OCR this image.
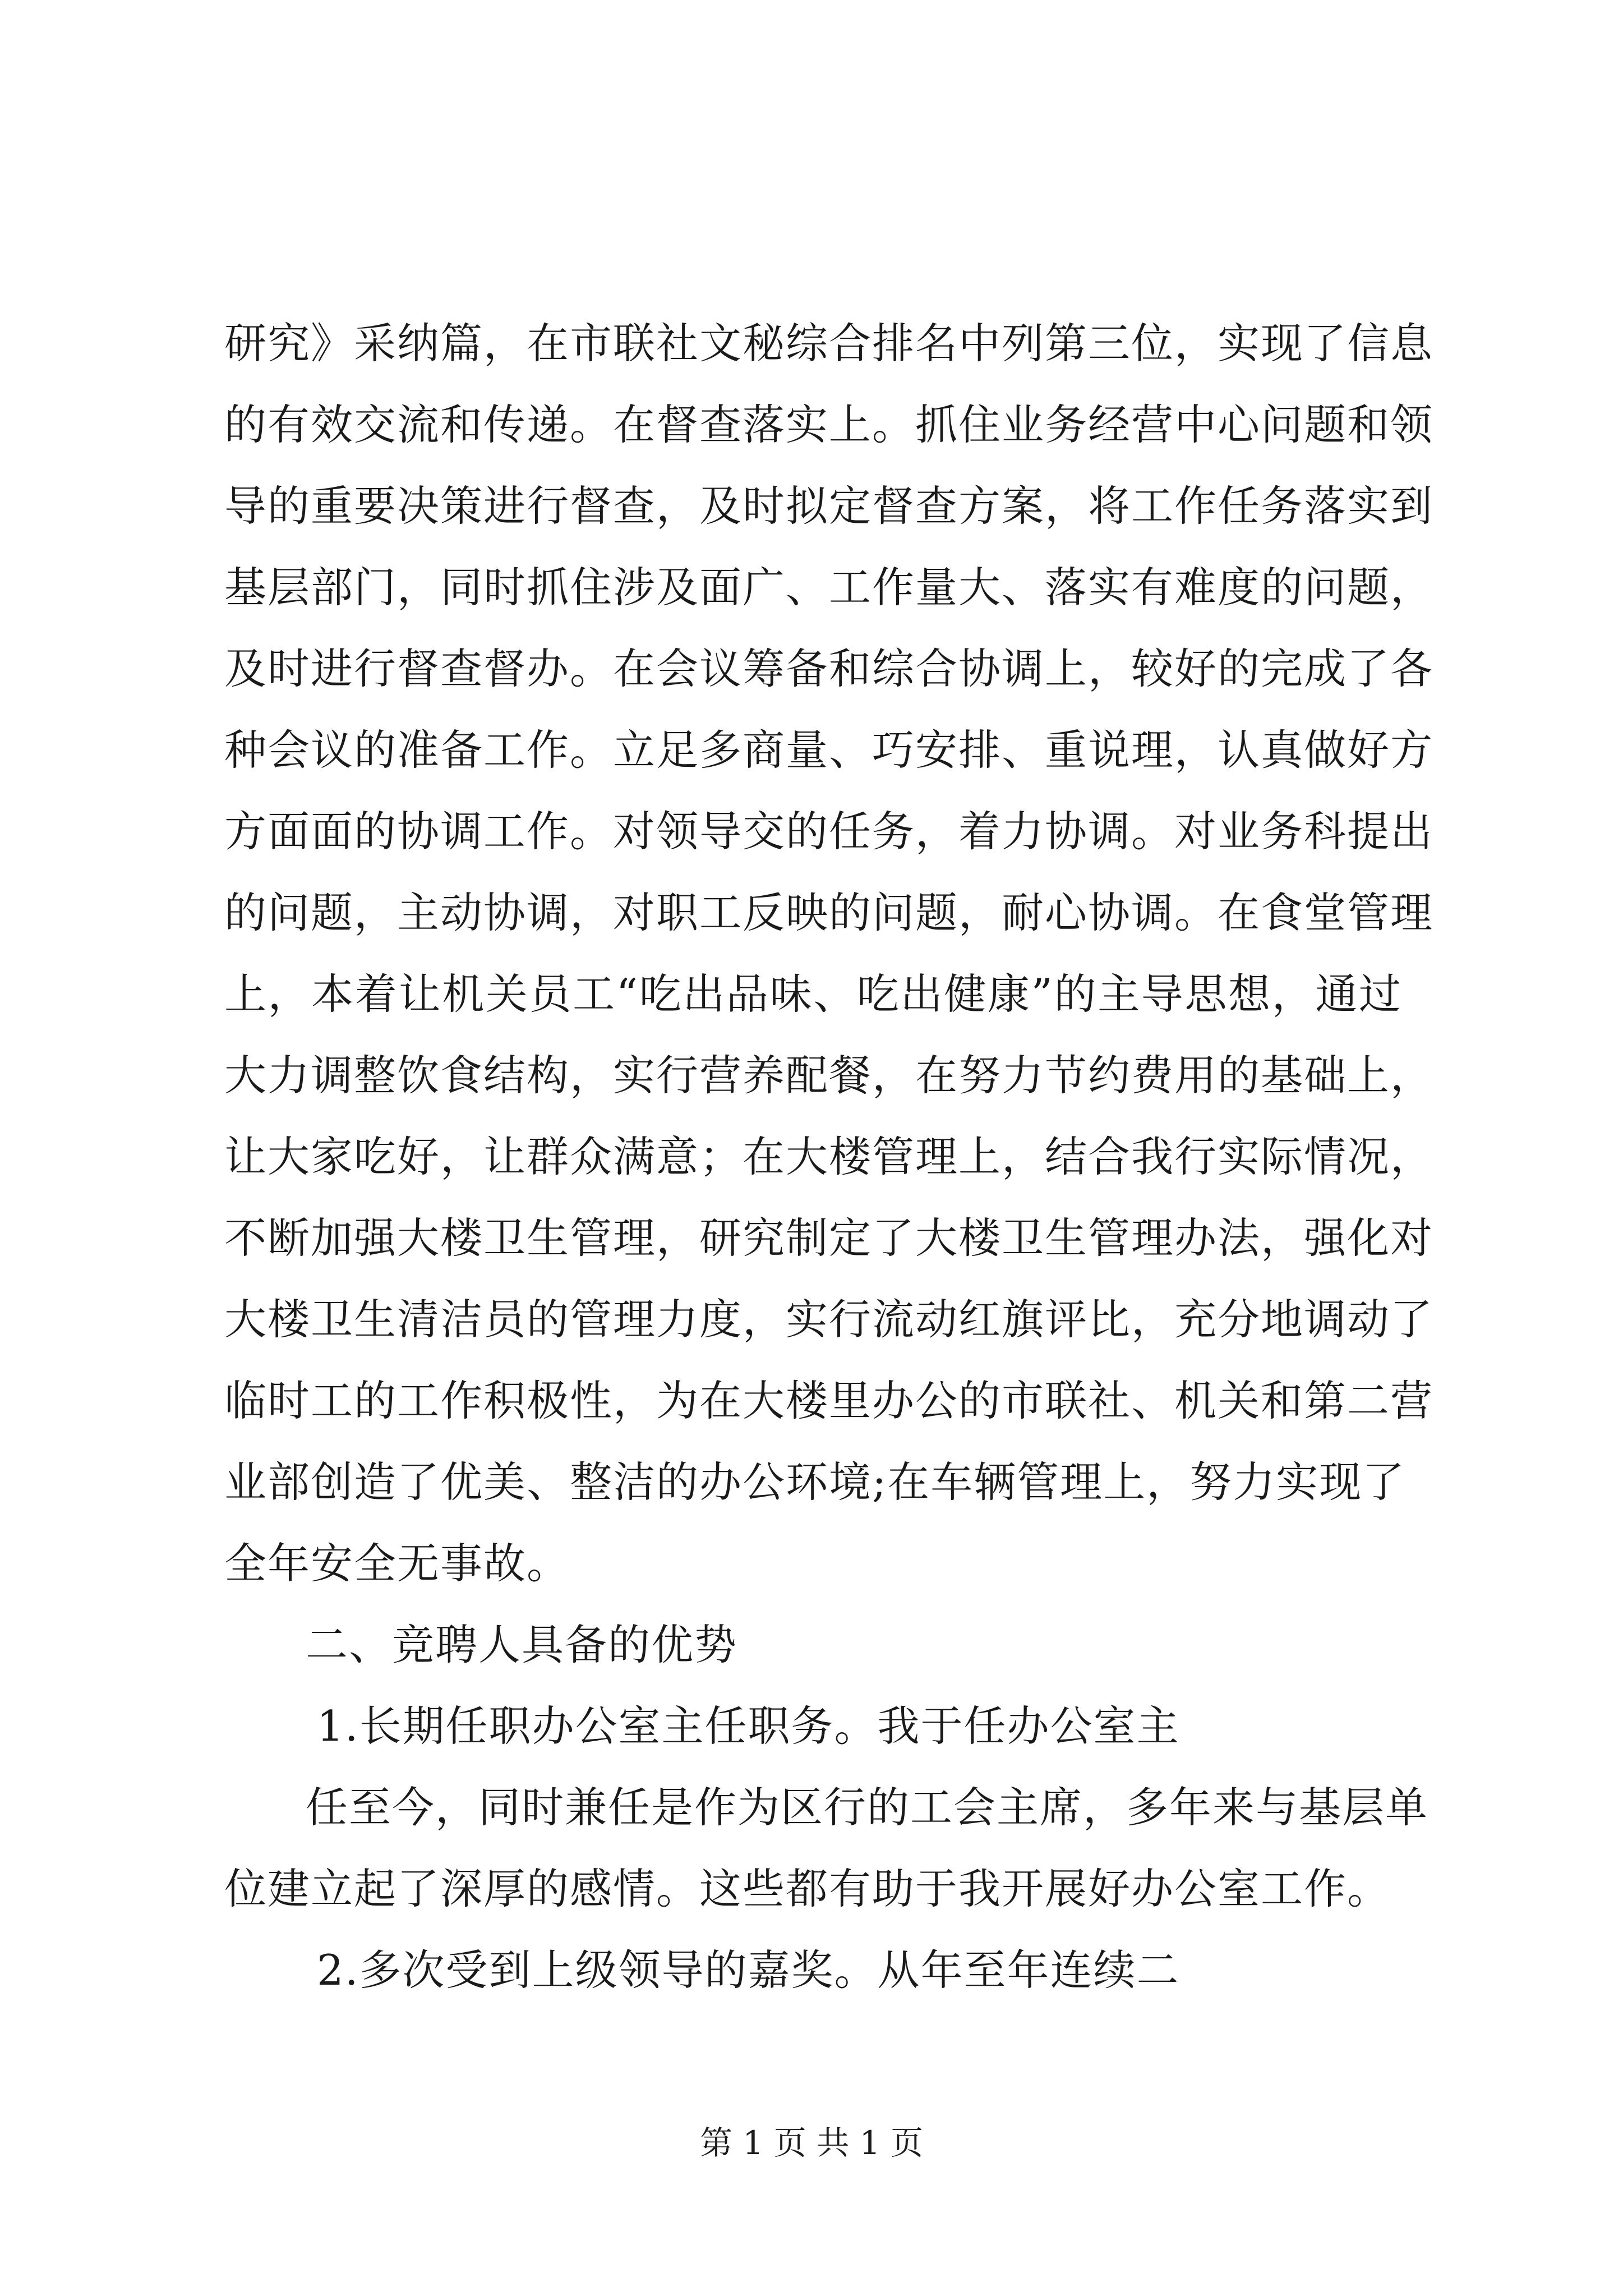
研究》采纳篇，在市联社文秘综合排名中列第三位，实现了信息
的有效交流和传递。在督查落实上。抓住业务经营中心问题和领
导的重要决策进行督查，及时拟定督查方案，将工作任务落实到
基层部门，同时抓住涉及面广、工作量大、落实有难度的问题，
及时进行督查督办。在会议筹备和综合协调上，较好的完成了各
种会议的准备工作。立足多商量、巧安排、重说理，认真做好方
方面面的协调工作。对领导交的任务，着力协调。对业务科提出
的问题，主动协调，对职工反映的问题，耐心协调。在食堂管理
上，本着让机关员工“吃出品味、吃出健康”的主导思想，通过
大力调整饮食结构，实行营养配餐，在努力节约费用的基础上，
让大家吃好，让群众满意；在大楼管理上，结合我行实际情况，
不断加强大楼卫生管理，研究制定了大楼卫生管理办法，强化对
大楼卫生清洁员的管理力度，实行流动红旗评比，充分地调动了
临时工的工作积极性，为在大楼里办公的市联社、机关和第二营
业部创造了优美、整洁的办公环境;在车辆管理上，努力实现了
全年安全无事故。
二、竞聘人具备的优势
1.长期任职办公室主任职务。我于任办公室主
任至今，同时兼任是作为区行的工会主席，多年来与基层单
位建立起了深厚的感情。这些都有助于我开展好办公室工作。
2.多次受到上级领导的嘉奖。从年至年连续二
第 1 页 共 1 页
